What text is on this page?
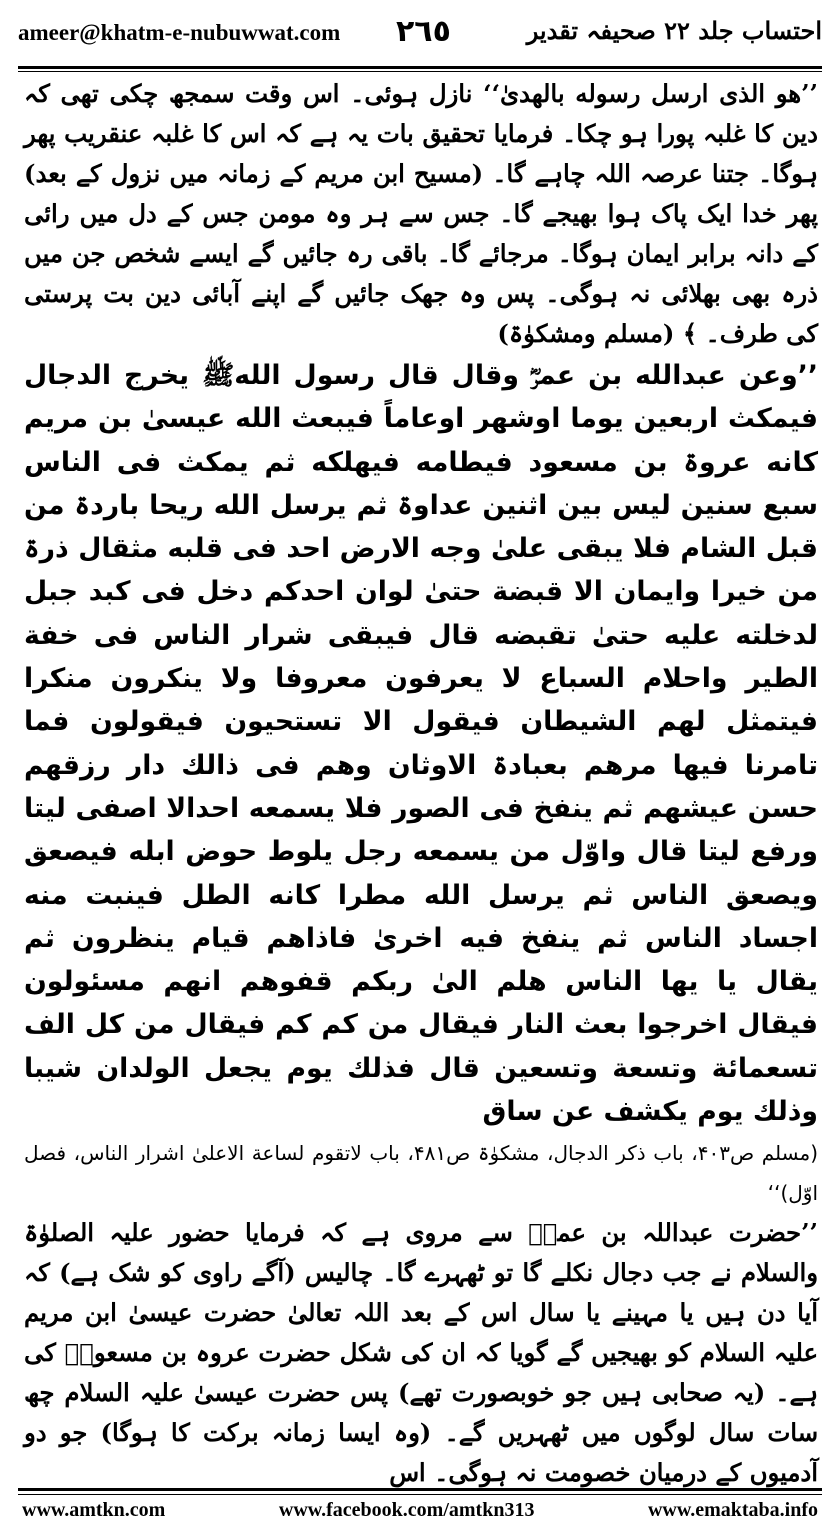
ameer@khatm-e-nubuwwat.com ٢٦٥	احتساب جلد ٢٢ صحیفہ تقدیر

’’ھو الذی ارسل رسوله بالھدیٰ‘‘ نازل ہوئی۔ اس وقت سمجھ چکی تھی کہ دین کا غلبہ پورا ہو چکا۔ فرمایا تحقیق بات یہ ہے کہ اس کا غلبہ عنقریب پھر ہوگا۔ جتنا عرصہ اللہ چاہے گا۔ (مسیح ابن مریم کے زمانہ میں نزول کے بعد) پھر خدا ایک پاک ہوا بھیجے گا۔ جس سے ہر وہ مومن جس کے دل میں رائی کے دانہ برابر ایمان ہوگا۔ مرجائے گا۔ باقی رہ جائیں گے ایسے شخص جن میں ذرہ بھی بھلائی نہ ہوگی۔ پس وہ جھک جائیں گے اپنے آبائی دین بت پرستی کی طرف۔ ﴾ (مسلم ومشکوٰۃ)

’’وعن عبدالله بن عمرؓ وقال قال رسول اللهﷺ یخرج الدجال فیمکث اربعین یوما اوشھر اوعاماً فیبعث الله عیسیٰ بن مریم کانه عروۃ بن مسعود فیطامه فیھلکه ثم یمکث فی الناس سبع سنین لیس بین اثنین عداوۃ ثم یرسل الله ریحا باردۃ من قبل الشام فلا یبقی علیٰ وجه الارض احد فی قلبه مثقال ذرۃ من خیرا وایمان الا قبضة حتیٰ لوان احدکم دخل فی کبد جبل لدخلته علیه حتیٰ تقبضه قال فیبقی شرار الناس فی خفة الطیر واحلام السباع لا یعرفون معروفا ولا ینکرون منکرا فیتمثل لھم الشیطان فیقول الا تستحیون فیقولون فما تامرنا فیھا مرھم بعبادۃ الاوثان وھم فی ذالك دار رزقھم حسن عیشھم ثم ینفخ فی الصور فلا یسمعه احدالا اصفی لیتا ورفع لیتا قال واوّل من یسمعه رجل یلوط حوض ابله فیصعق ویصعق الناس ثم یرسل الله مطرا کانه الطل فینبت منه اجساد الناس ثم ینفخ فیه اخریٰ فاذاھم قیام ینظرون ثم یقال یا یھا الناس ھلم الیٰ ربکم قفوھم انھم مسئولون فیقال اخرجوا بعث النار فیقال من کم کم فیقال من کل الف تسعمائة وتسعة وتسعین قال فذلك یوم یجعل الولدان شیبا وذلك یوم یکشف عن ساق

(مسلم ص۴۰۳، باب ذکر الدجال، مشکوٰۃ ص۴۸۱، باب لاتقوم لساعة الاعلیٰ اشرار الناس، فصل اوّل)‘‘

’’حضرت عبداللہ بن عمرؓ سے مروی ہے کہ فرمایا حضور علیہ الصلوٰۃ والسلام نے جب دجال نکلے گا تو ٹھہرے گا۔ چالیس (آگے راوی کو شک ہے) کہ آیا دن ہیں یا مہینے یا سال اس کے بعد اللہ تعالیٰ حضرت عیسیٰ ابن مریم علیہ السلام کو بھیجیں گے گویا کہ ان کی شکل حضرت عروہ بن مسعودؓ کی ہے۔ (یہ صحابی ہیں جو خوبصورت تھے) پس حضرت عیسیٰ علیہ السلام چھ سات سال لوگوں میں ٹھہریں گے۔ (وہ ایسا زمانہ برکت کا ہوگا) جو دو آدمیوں کے درمیان خصومت نہ ہوگی۔ اس

www.amtkn.com	www.facebook.com/amtkn313	www.emaktaba.info
